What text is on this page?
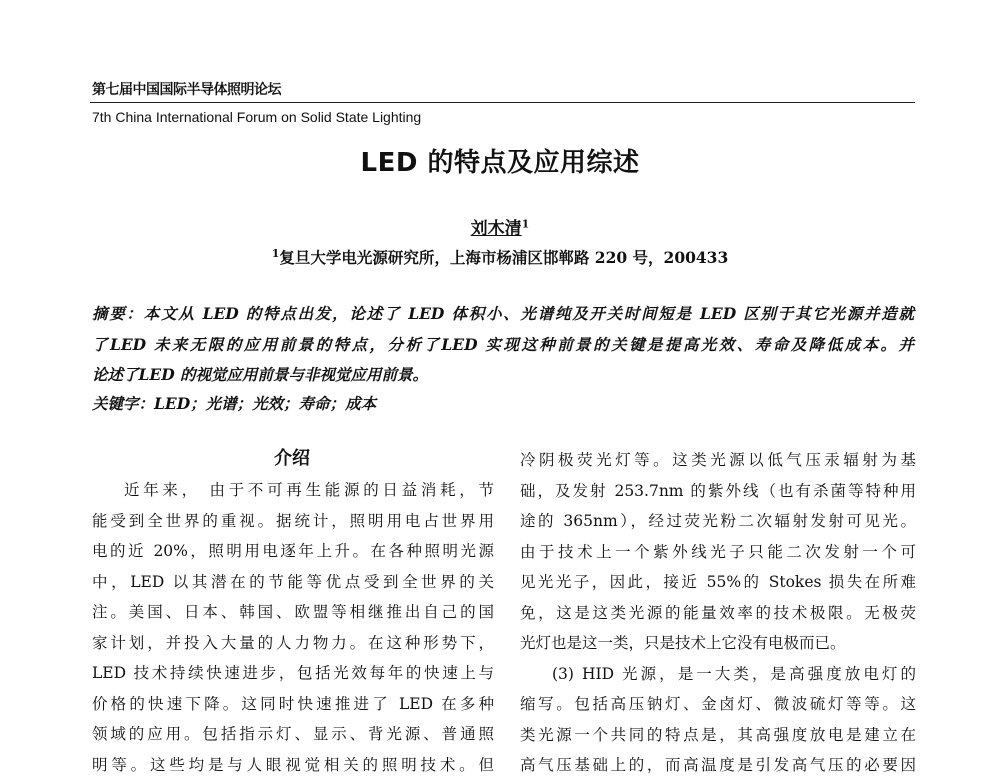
第七届中国国际半导体照明论坛
7th China International Forum on Solid State Lighting
LED 的特点及应用综述
刘木清$^1$
$^1$复旦大学电光源研究所，上海市杨浦区邯郸路 220 号，200433
摘要：本文从 LED 的特点出发，论述了 LED 体积小、光谱纯及开关时间短是 LED 区别于其它光源并造就
了LED 未来无限的应用前景的特点，分析了LED 实现这种前景的关键是提高光效、寿命及降低成本。并
论述了LED 的视觉应用前景与非视觉应用前景。
关键字：LED；光谱；光效；寿命；成本
介绍
近年来， 由于不可再生能源的日益消耗，节
能受到全世界的重视。据统计，照明用电占世界用
电的近 20%，照明用电逐年上升。在各种照明光源
中，LED 以其潜在的节能等优点受到全世界的关
注。美国、日本、韩国、欧盟等相继推出自己的国
家计划，并投入大量的人力物力。在这种形势下，
LED 技术持续快速进步，包括光效每年的快速上与
价格的快速下降。这同时快速推进了 LED 在多种
领域的应用。包括指示灯、显示、背光源、普通照
明等。这些均是与人眼视觉相关的照明技术。但
冷阴极荧光灯等。这类光源以低气压汞辐射为基
础，及发射 253.7nm 的紫外线（也有杀菌等特种用
途的 365nm），经过荧光粉二次辐射发射可见光。
由于技术上一个紫外线光子只能二次发射一个可
见光光子，因此，接近 55%的 Stokes 损失在所难
免，这是这类光源的能量效率的技术极限。无极荧
光灯也是这一类，只是技术上它没有电极而已。
(3) HID 光源，是一大类，是高强度放电灯的
缩写。包括高压钠灯、金卤灯、微波硫灯等等。这
类光源一个共同的特点是，其高强度放电是建立在
高气压基础上的，而高温度是引发高气压的必要因
